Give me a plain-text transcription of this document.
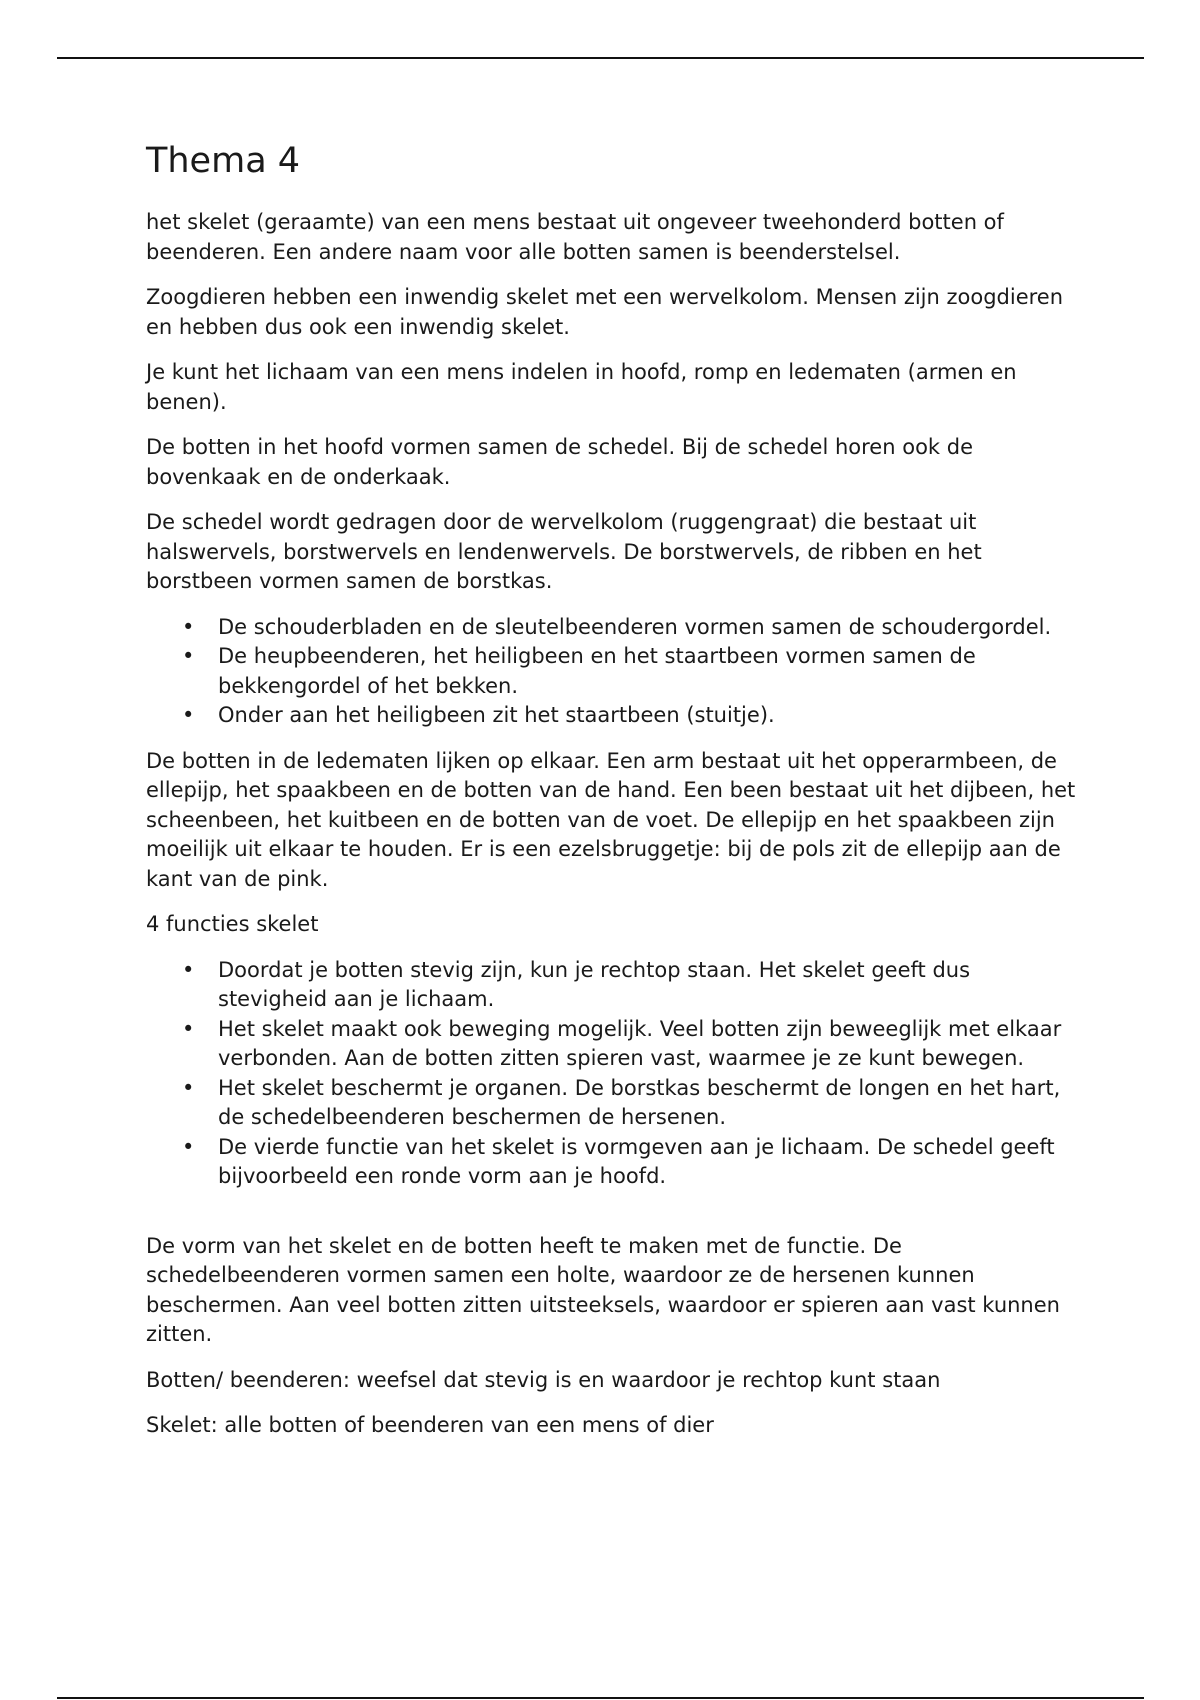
Thema 4

het skelet (geraamte) van een mens bestaat uit ongeveer tweehonderd botten of beenderen. Een andere naam voor alle botten samen is beenderstelsel.

Zoogdieren hebben een inwendig skelet met een wervelkolom. Mensen zijn zoogdieren en hebben dus ook een inwendig skelet.

Je kunt het lichaam van een mens indelen in hoofd, romp en ledematen (armen en benen).

De botten in het hoofd vormen samen de schedel. Bij de schedel horen ook de bovenkaak en de onderkaak.

De schedel wordt gedragen door de wervelkolom (ruggengraat) die bestaat uit halswervels, borstwervels en lendenwervels. De borstwervels, de ribben en het borstbeen vormen samen de borstkas.

• De schouderbladen en de sleutelbeenderen vormen samen de schoudergordel.
• De heupbeenderen, het heiligbeen en het staartbeen vormen samen de bekkengordel of het bekken.
• Onder aan het heiligbeen zit het staartbeen (stuitje).

De botten in de ledematen lijken op elkaar. Een arm bestaat uit het opperarmbeen, de ellepijp, het spaakbeen en de botten van de hand. Een been bestaat uit het dijbeen, het scheenbeen, het kuitbeen en de botten van de voet. De ellepijp en het spaakbeen zijn moeilijk uit elkaar te houden. Er is een ezelsbruggetje: bij de pols zit de ellepijp aan de kant van de pink.

4 functies skelet

• Doordat je botten stevig zijn, kun je rechtop staan. Het skelet geeft dus stevigheid aan je lichaam.
• Het skelet maakt ook beweging mogelijk. Veel botten zijn beweeglijk met elkaar verbonden. Aan de botten zitten spieren vast, waarmee je ze kunt bewegen.
• Het skelet beschermt je organen. De borstkas beschermt de longen en het hart, de schedelbeenderen beschermen de hersenen.
• De vierde functie van het skelet is vormgeven aan je lichaam. De schedel geeft bijvoorbeeld een ronde vorm aan je hoofd.

De vorm van het skelet en de botten heeft te maken met de functie. De schedelbeenderen vormen samen een holte, waardoor ze de hersenen kunnen beschermen. Aan veel botten zitten uitsteeksels, waardoor er spieren aan vast kunnen zitten.

Botten/ beenderen: weefsel dat stevig is en waardoor je rechtop kunt staan

Skelet: alle botten of beenderen van een mens of dier
